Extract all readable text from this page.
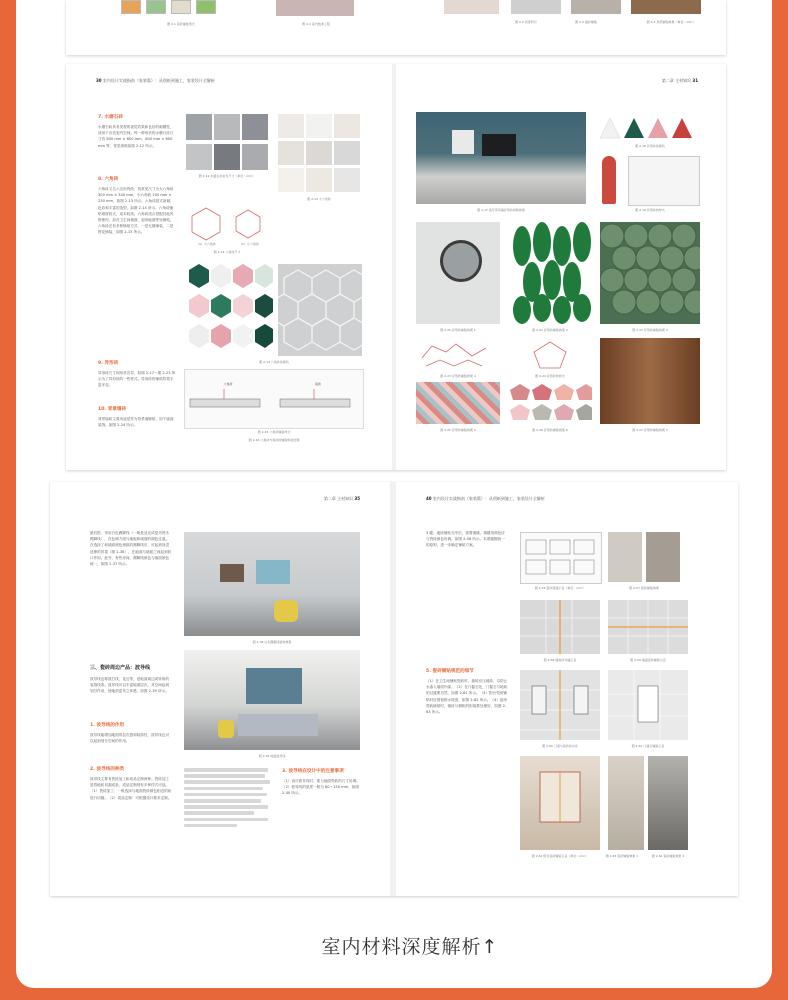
图 2-1 瓷砖铺贴形式	图 2-1 室内装饰工程	图 2-2 局部特写	图 2-3 墙砖铺贴	图 2-4 局部铺贴效果（单位：mm）
30 室内设计实战指南（家装篇）：从图纸到施工，家装设计全解析
7. 水磨石砖
水磨石砖具有美观的视觉效果和良好的耐磨性，适用于各类室内空间。每一种形状的水磨石砖尺寸有 600 mm × 600 mm、800 mm × 800 mm 等，常见规格如图 2-12 所示。
8. 六角砖
六角砖又名六边形瓷砖，其常见尺寸为大六角砖 300 mm × 340 mm，小六角砖 200 mm × 230 mm，如图 2-13 所示。六角砖款式新颖，色彩和丰富的造型，如图 2-14 所示。六角砖铺贴难度较大，成本较高。六角砖适合搭配其他风格使用，如在卫生间墙面、厨房地面等处铺贴。六角砖还有多种铺贴方式，一是无缝铺装，二是拼花铺装，如图 2-15 所示。
9. 异形砖
异形砖尺寸和形状各异，如图 2-17～图 2-23 所示为了异形砖的一些样式。异形砖的铺贴效果丰富多变。
10. 背景墙砖
背景墙砖主要用途是作为背景墙铺贴，用于墙面装饰。如图 2-24 所示。
图 2-12 水磨石砖常见尺寸（单位：mm）
图 2-13 大六角砖
（a）大六角砖	（b）小六角砖
图 2-14 六角砖尺寸
图 2-14 六角砖的颜色
六角砖	瓷砖
图 2-15 六角砖铺贴样式
图 2-16 六角砖与瓷砖的铺贴衔接处理
第二章 主材知识 31
图 2-17 客厅背景墙异形砖拼贴效果
图 2-18 异形砖的颜色
图 2-19 异形砖的样式
图 2-20 异形砖铺贴效果 1	图 2-21 异形砖铺贴效果 2	图 2-22 异形砖铺贴效果 3
图 2-23 异形砖铺贴效果 4	图 2-24 异形砖的样式
图 2-25 异形砖铺贴效果 5	图 2-26 异形砖铺贴效果 6	图 2-27 异形砖铺贴效果 7
第二章 主材知识 35
最后搭，采用白色踢脚线（一般是亚光或是仿瓷木踢脚线），在色调方面与地板和墙面的颜色过渡。在选择了和墙面颜色相似的踢脚线后，可起到视觉延伸的效果（图 2-38），在地面与墙面之间起到收口作用。此外，有些房间，踢脚线颜色与墙面颜色统一，如图 2-37 所示。
三、瓷砖周边产品：波导线
波导线也称波打线、花边等，是地面周边或转角的装饰线条。波导线可以丰富地面层次，对空间起到划分作用，使地面更具立体感，如图 2-39 所示。
1. 波导线的作用
波导线能增加地面的层次感和装饰性，波导线也可以起到划分空间的作用。
2. 波导线的种类
波导线主要有瓷砖加工和成品定制两种。瓷砖加工是将地砖切割成条，成品定制则有多种样式可选。（1）瓷砖加工：一般选择与地面瓷砖颜色相近的砖进行切割。（2）成品定制：可根据设计要求定制。
图 2-38 白色踢脚线装饰效果
图 2-39 地面波导线
3. 波导线在设计中的注意事项
（1）设计波导线时，要与地面瓷砖的尺寸协调。（2）波导线的宽度一般为 80～150 mm，如图 2-40 所示。
40 室内设计实战指南（家装篇）：从图纸到施工，家装设计全解析
3 缝。地砖铺贴完毕后，需要填缝，填缝剂颜色应与瓷砖颜色协调，如图 2-56 所示。本着缝隙统一的原则，进一步确定铺贴方案。
5. 瓷砖铺贴规范的细节
（1）在卫生间铺贴瓷砖时，墙砖应压地砖，以防止水渗入墙面内部。（2）在门槛石处，门槛石与地砖的过渡要自然，如图 2-61 所示。（3）阳台瓷砖铺贴时应预留排水坡度，如图 2-62 所示。（4）厨房瓷砖铺贴时，墙砖与橱柜的衔接要处理好，如图 2-63 所示。
图 2-56 瓷砖留缝示意（单位：mm）	图 2-57 瓷砖铺贴效果
图 2-58 墙地砖对缝示意	图 2-59 墙面瓷砖铺贴示意
图 2-60 门窗与瓷砖的关系	图 2-61 门槛石铺贴示意
图 2-62 阳台瓷砖铺贴示意（单位：mm）	图 2-63 瓷砖铺贴效果 1	图 2-64 瓷砖铺贴效果 2
室内材料深度解析↑
